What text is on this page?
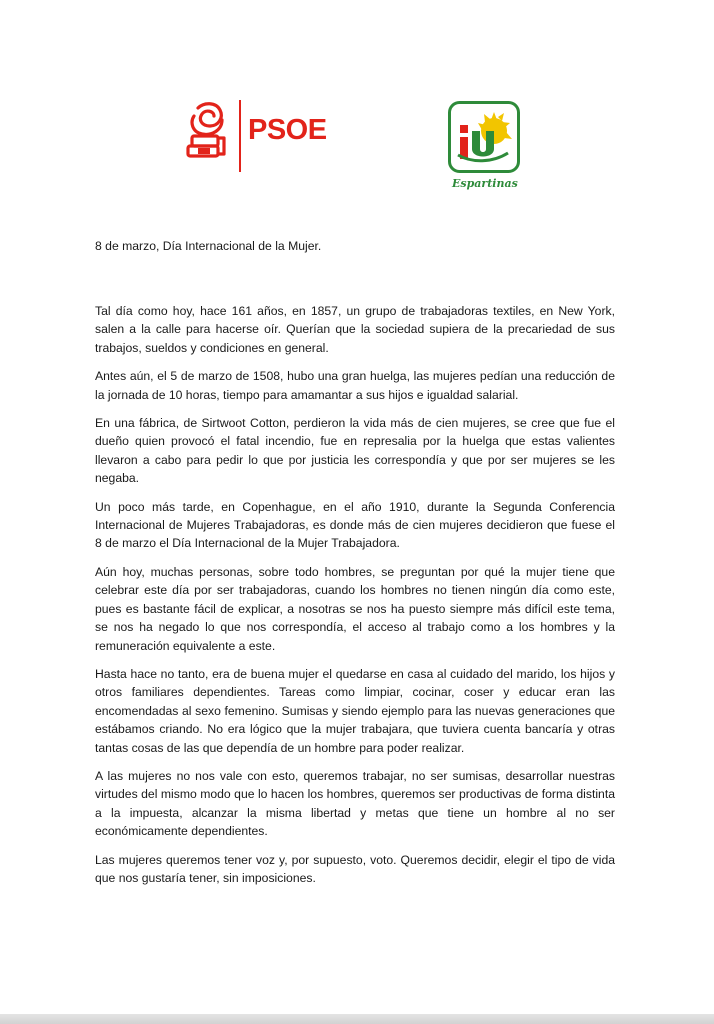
PSOE
Espartinas

8 de marzo, Día Internacional de la Mujer.

Tal día como hoy, hace 161 años, en 1857, un grupo de trabajadoras textiles, en New York, salen a la calle para hacerse oír. Querían que la sociedad supiera de la precariedad de sus trabajos, sueldos y condiciones en general.

Antes aún, el 5 de marzo de 1508, hubo una gran huelga, las mujeres pedían una reducción de la jornada de 10 horas, tiempo para amamantar a sus hijos e igualdad salarial.

En una fábrica, de Sirtwoot Cotton, perdieron la vida más de cien mujeres, se cree que fue el dueño quien provocó el fatal incendio, fue en represalia por la huelga que estas valientes llevaron a cabo para pedir lo que por justicia les correspondía y que por ser mujeres se les negaba.

Un poco más tarde, en Copenhague, en el año 1910, durante la Segunda Conferencia Internacional de Mujeres Trabajadoras, es donde más de cien mujeres decidieron que fuese el 8 de marzo el Día Internacional de la Mujer Trabajadora.

Aún hoy, muchas personas, sobre todo hombres, se preguntan por qué la mujer tiene que celebrar este día por ser trabajadoras, cuando los hombres no tienen ningún día como este, pues es bastante fácil de explicar, a nosotras se nos ha puesto siempre más difícil este tema, se nos ha negado lo que nos correspondía, el acceso al trabajo como a los hombres y la remuneración equivalente a este.

Hasta hace no tanto, era de buena mujer el quedarse en casa al cuidado del marido, los hijos y otros familiares dependientes. Tareas como limpiar, cocinar, coser y educar eran las encomendadas al sexo femenino. Sumisas y siendo ejemplo para las nuevas generaciones que estábamos criando. No era lógico que la mujer trabajara, que tuviera cuenta bancaría y otras tantas cosas de las que dependía de un hombre para poder realizar.

A las mujeres no nos vale con esto, queremos trabajar, no ser sumisas, desarrollar nuestras virtudes del mismo modo que lo hacen los hombres, queremos ser productivas de forma distinta a la impuesta, alcanzar la misma libertad y metas que tiene un hombre al no ser económicamente dependientes.

Las mujeres queremos tener voz y, por supuesto, voto. Queremos decidir, elegir el tipo de vida que nos gustaría tener, sin imposiciones.
